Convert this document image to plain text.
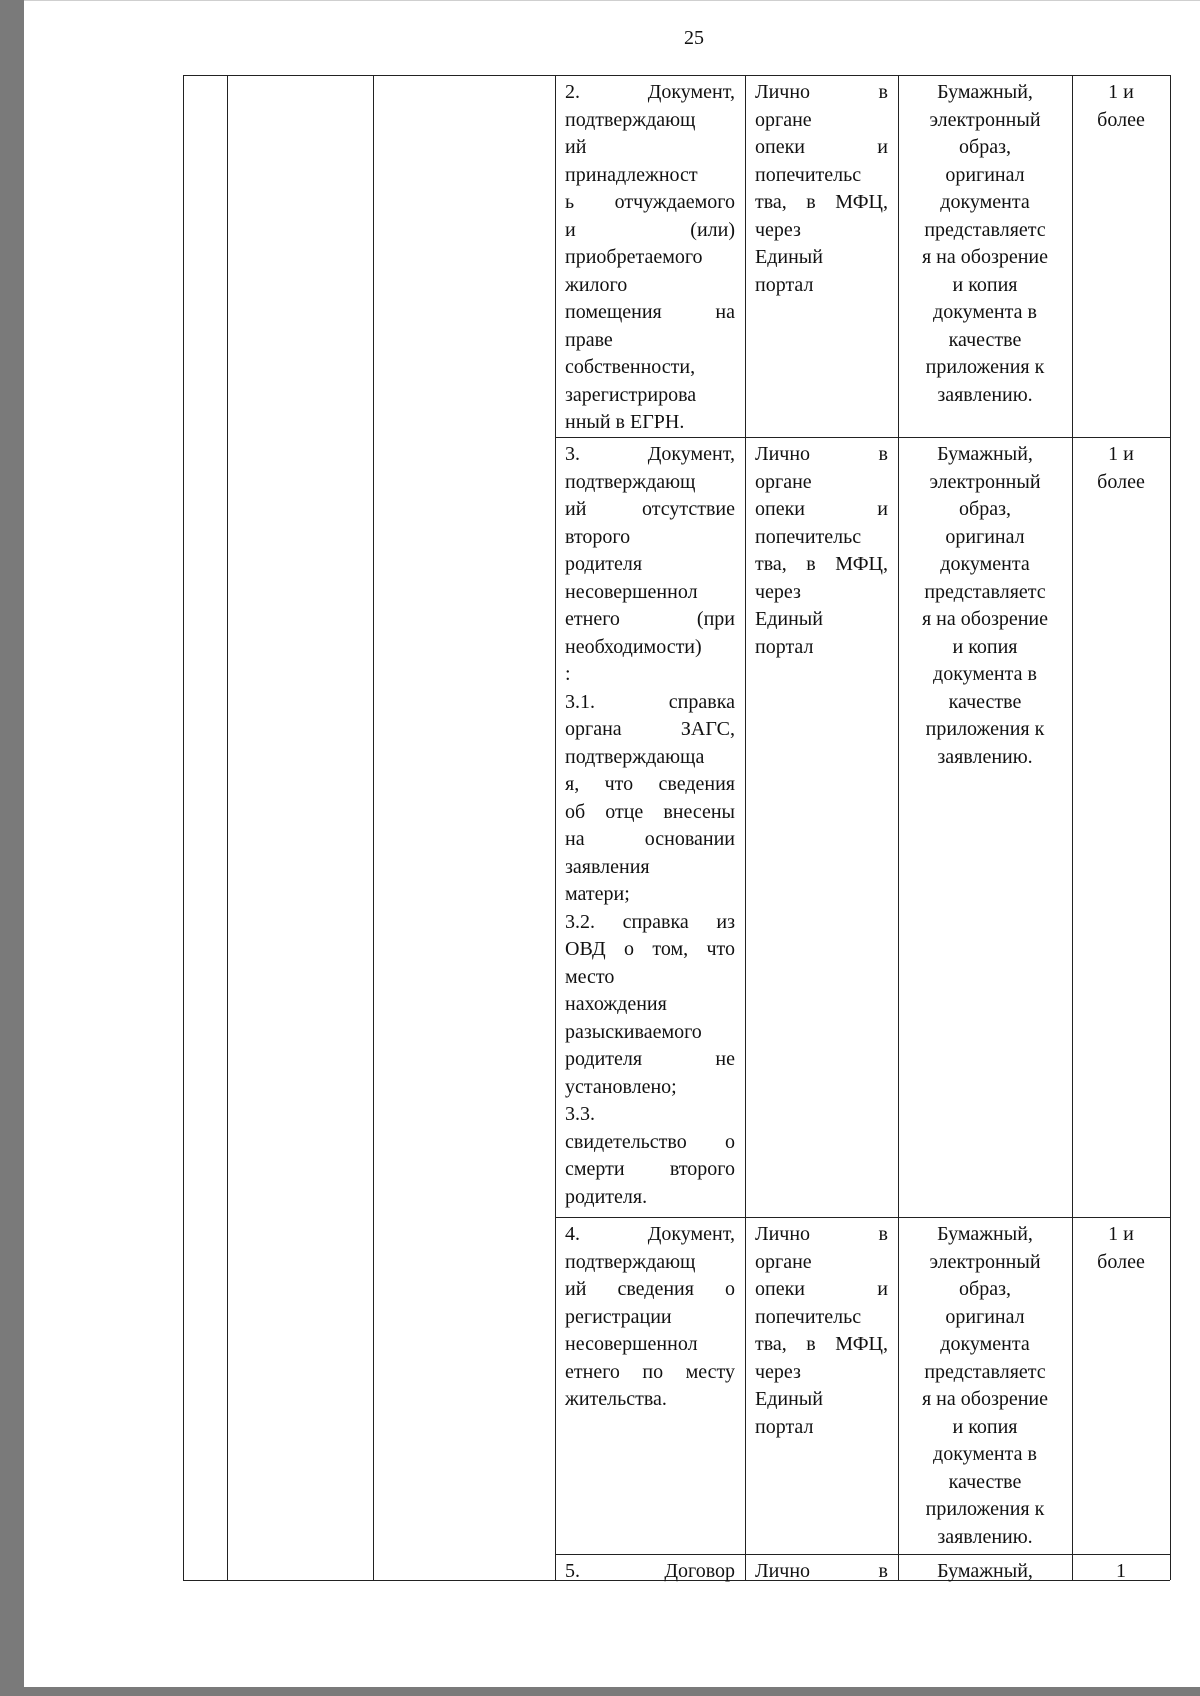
25
2. Документ,
подтверждающ
ий
принадлежност
ь отчуждаемого
и (или)
приобретаемого
жилого
помещения на
праве
собственности,
зарегистрирова
нный в ЕГРН.
Лично в
органе
опеки и
попечительс
тва, в МФЦ,
через
Единый
портал
Бумажный,
электронный
образ,
оригинал
документа
представляетс
я на обозрение
и копия
документа в
качестве
приложения к
заявлению.
1 и
более
3. Документ,
подтверждающ
ий отсутствие
второго
родителя
несовершеннол
етнего (при
необходимости)
:
3.1. справка
органа ЗАГС,
подтверждающа
я, что сведения
об отце внесены
на основании
заявления
матери;
3.2. справка из
ОВД о том, что
место
нахождения
разыскиваемого
родителя не
установлено;
3.3.
свидетельство о
смерти второго
родителя.
Лично в
органе
опеки и
попечительс
тва, в МФЦ,
через
Единый
портал
Бумажный,
электронный
образ,
оригинал
документа
представляетс
я на обозрение
и копия
документа в
качестве
приложения к
заявлению.
1 и
более
4. Документ,
подтверждающ
ий сведения о
регистрации
несовершеннол
етнего по месту
жительства.
Лично в
органе
опеки и
попечительс
тва, в МФЦ,
через
Единый
портал
Бумажный,
электронный
образ,
оригинал
документа
представляетс
я на обозрение
и копия
документа в
качестве
приложения к
заявлению.
1 и
более
5. Договор Лично в	Бумажный,	1
